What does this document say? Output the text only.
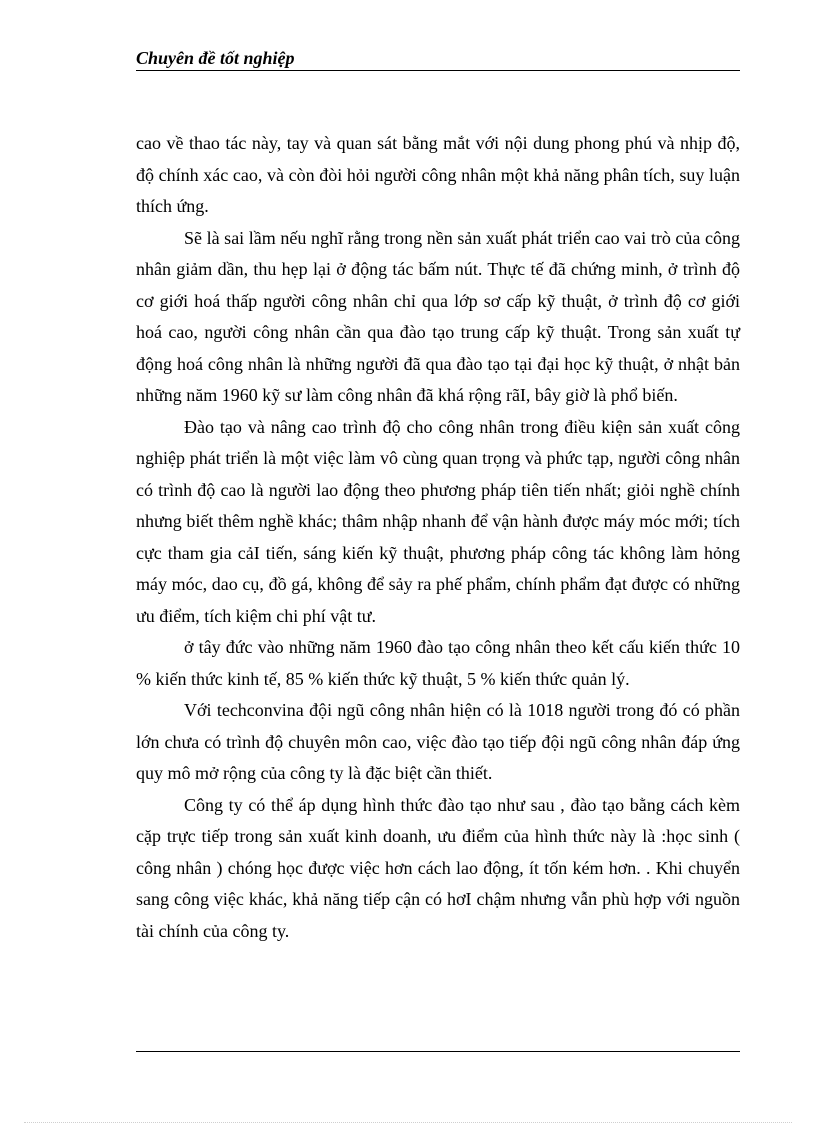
Chuyên đề tốt nghiệp

cao về thao tác này, tay và quan sát bằng mắt với nội dung phong phú và nhịp độ, độ chính xác cao, và còn đòi hỏi người công nhân một khả năng phân tích, suy luận thích ứng.

Sẽ là sai lầm nếu nghĩ rằng trong nền sản xuất phát triển cao vai trò của công nhân giảm dần, thu hẹp lại ở động tác bấm nút. Thực tế đã chứng minh, ở trình độ cơ giới hoá thấp người công nhân chỉ qua lớp sơ cấp kỹ thuật, ở trình độ cơ giới hoá cao, người công nhân cần qua đào tạo trung cấp kỹ thuật. Trong sản xuất tự động hoá công nhân là những người đã qua đào tạo tại đại học kỹ thuật, ở nhật bản những năm 1960 kỹ sư làm công nhân đã khá rộng rãI, bây giờ là phổ biến.

Đào tạo và nâng cao trình độ cho công nhân trong điều kiện sản xuất công nghiệp phát triển là một việc làm vô cùng quan trọng và phức tạp, người công nhân có trình độ cao là người lao động theo phương pháp tiên tiến nhất; giỏi nghề chính nhưng biết thêm nghề khác; thâm nhập nhanh để vận hành được máy móc mới; tích cực tham gia cảI tiến, sáng kiến kỹ thuật, phương pháp công tác không làm hỏng máy móc, dao cụ, đồ gá, không để sảy ra phế phẩm, chính phẩm đạt được có những ưu điểm, tích kiệm chi phí vật tư.

ở tây đức vào những năm 1960 đào tạo công nhân theo kết cấu kiến thức 10 % kiến thức kinh tế, 85 % kiến thức kỹ thuật, 5 % kiến thức quản lý.

Với techconvina đội ngũ công nhân hiện có là 1018 người trong đó có phần lớn chưa có trình độ chuyên môn cao, việc đào tạo tiếp đội ngũ công nhân đáp ứng quy mô mở rộng của công ty là đặc biệt cần thiết.

Công ty có thể áp dụng hình thức đào tạo như sau , đào tạo bằng cách kèm cặp trực tiếp trong sản xuất kinh doanh, ưu điểm của hình thức này là :học sinh ( công nhân ) chóng học được việc hơn cách lao động, ít tốn kém hơn. . Khi chuyển sang công việc khác, khả năng tiếp cận có hơI chậm nhưng vẫn phù hợp với nguồn tài chính của công ty.
